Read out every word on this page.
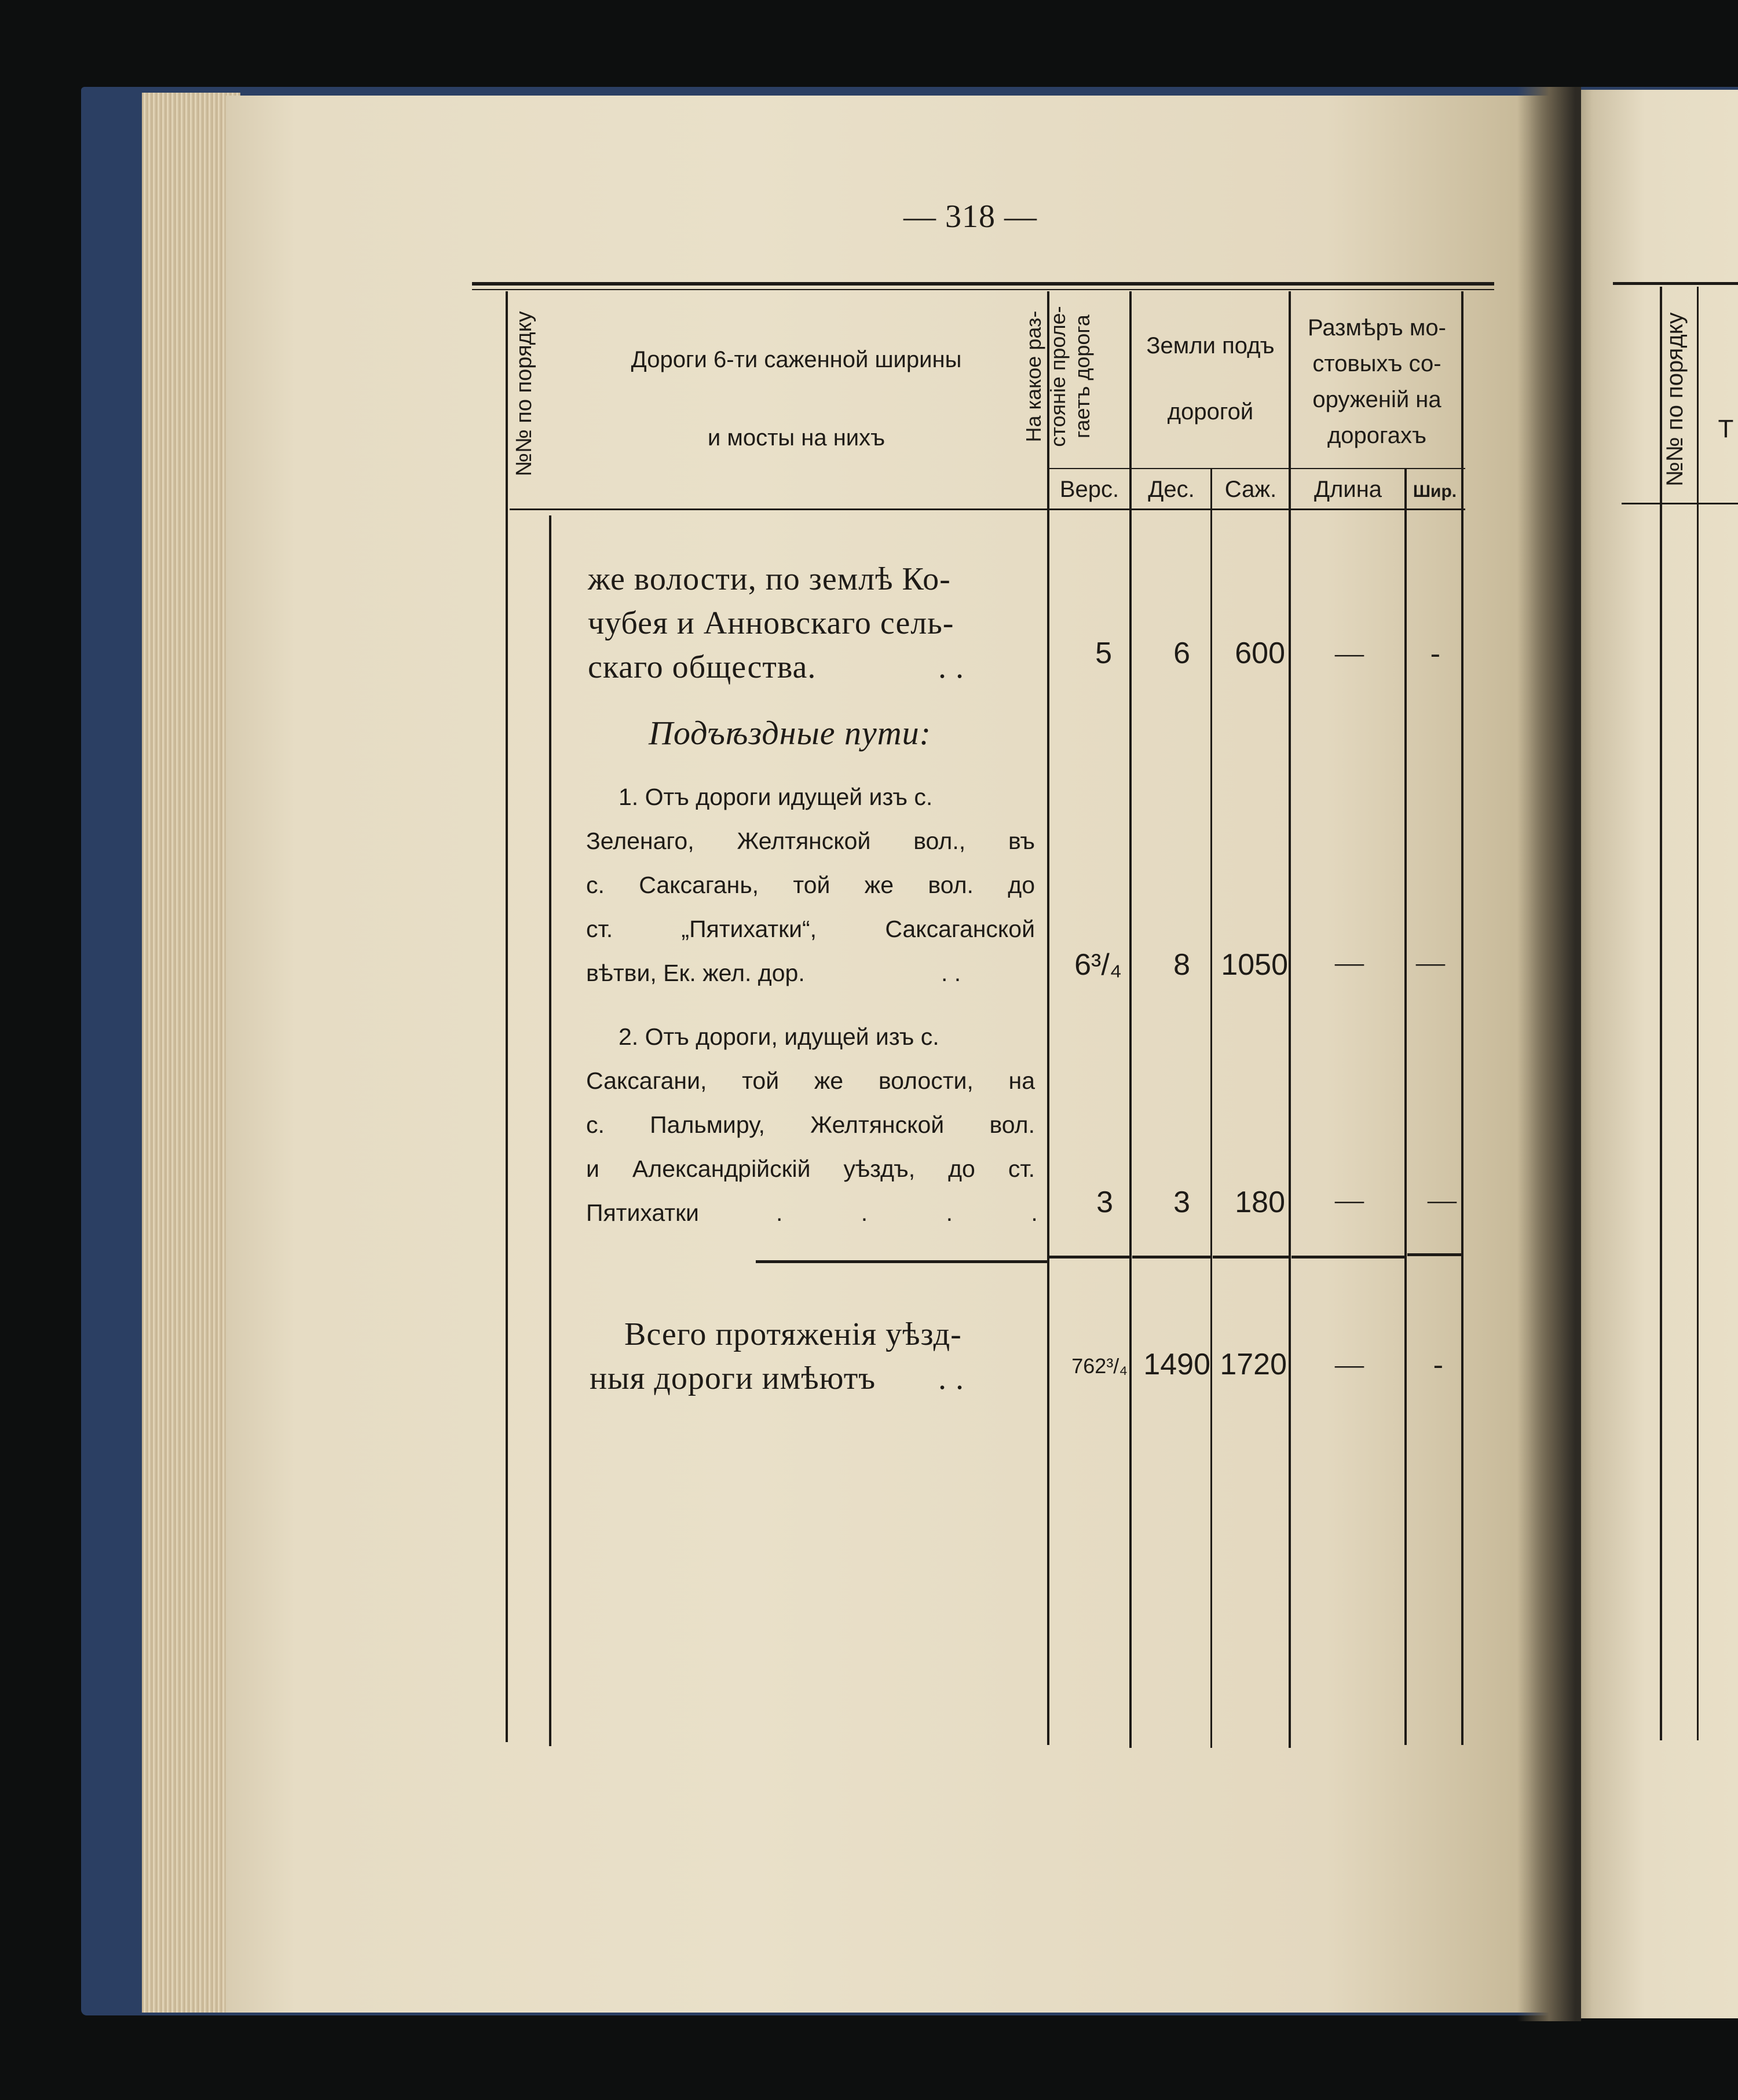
— 318 —
№№ по порядку	Дороги 6-ти саженной ширины
и мосты на нихъ	На какое раз- стояніе проле- гаетъ дорога	Земли подъ
дорогой
Размѣръ мо-
стовыхъ со-
оруженій на
дорогахъ
Верс.	Дес.	Саж.	Длина	Шир.
же волости, по землѣ Ко-
чубея и Анновскаго сель-
скаго общества.	. .	5	6	600 — -
Подъѣздные пути:
1. Отъ дороги идущей изъ с.
Зеленаго, Желтянской вол., въ
с. Саксагань, той же вол. до
ст. „Пятихатки“, Саксаганской
вѣтви, Ек. жел. дор.	. .	6³/₄	8 1050 — —
2. Отъ дороги, идущей изъ с.
Саксагани, той же волости, на
с. Пальмиру, Желтянской вол.
и Александрійскій уѣздъ, до ст.
Пятихатки	. . . . 3	3	180 — —
Всего протяженія уѣзд-
ныя дороги имѣютъ . .	762³/₄ 1490 1720 — -
№№ по порядку Т
